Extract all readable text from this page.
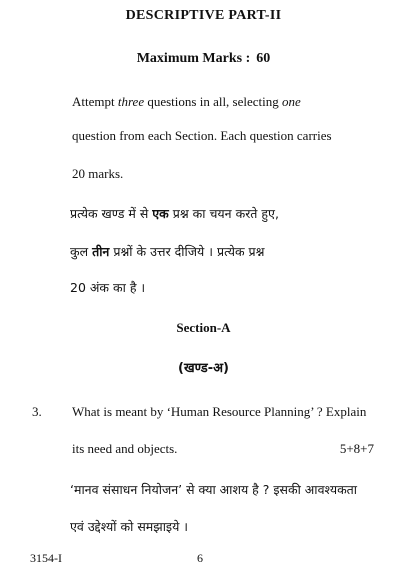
DESCRIPTIVE PART-II
Maximum Marks : 60
Attempt three questions in all, selecting one
question from each Section. Each question carries
20 marks.
प्रत्येक खण्ड में से एक प्रश्न का चयन करते हुए,
कुल तीन प्रश्नों के उत्तर दीजिये । प्रत्येक प्रश्न
20 अंक का है ।
Section-A
(खण्ड-अ)
3. What is meant by ‘Human Resource Planning’ ? Explain
its need and objects.	5+8+7
‘मानव संसाधन नियोजन’ से क्या आशय है ? इसकी आवश्यकता
एवं उद्देश्यों को समझाइये ।
3154-I	6
